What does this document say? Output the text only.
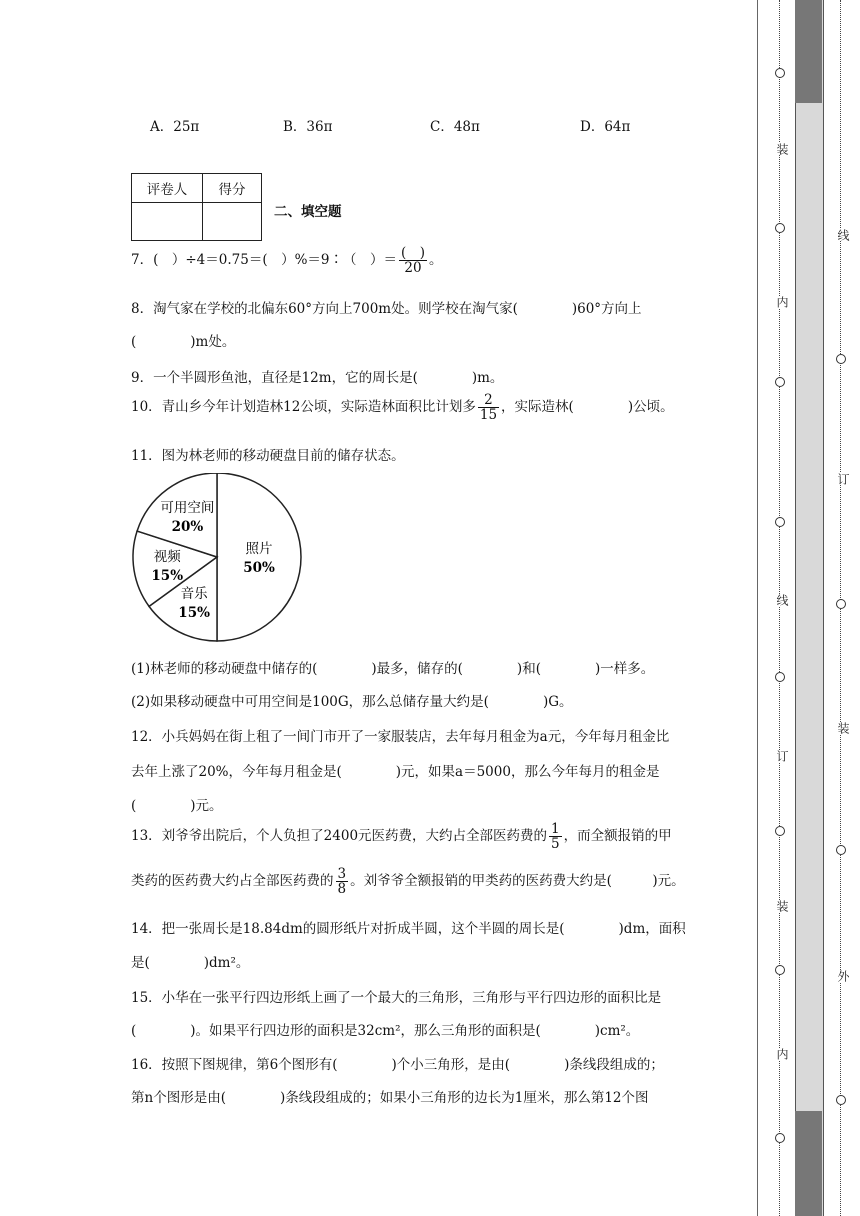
A．25π	B．36π	C．48π	D．64π
评卷人	得分

二、填空题
7．(　）÷4＝0.75＝(　）%＝9∶（　）＝ $\frac{( )}{20}$ 。
8．淘气家在学校的北偏东60°方向上700m处。则学校在淘气家(　　　　)60°方向上
(　　　　)m处。
9．一个半圆形鱼池，直径是12m，它的周长是(　　　　)m。
10．青山乡今年计划造林12公顷，实际造林面积比计划多 $\frac{2}{15}$ ，实际造林(　　　　)公顷。
11．图为林老师的移动硬盘目前的储存状态。
照片
50%
音乐
15%
视频
15%
可用空间
20%
(1)林老师的移动硬盘中储存的(　　　　)最多，储存的(　　　　)和(　　　　)一样多。
(2)如果移动硬盘中可用空间是100G，那么总储存量大约是(　　　　)G。
12．小兵妈妈在街上租了一间门市开了一家服装店，去年每月租金为a元，今年每月租金比
去年上涨了20%，今年每月租金是(　　　　)元，如果a＝5000，那么今年每月的租金是
(　　　　)元。
13．刘爷爷出院后，个人负担了2400元医药费，大约占全部医药费的 $\frac{1}{5}$ ，而全额报销的甲
类药的医药费大约占全部医药费的 $\frac{3}{8}$ 。刘爷爷全额报销的甲类药的医药费大约是(　　　)元。
14．把一张周长是18.84dm的圆形纸片对折成半圆，这个半圆的周长是(　　　　)dm，面积
是(　　　　)dm²。
15．小华在一张平行四边形纸上画了一个最大的三角形，三角形与平行四边形的面积比是
(　　　　)。如果平行四边形的面积是32cm²，那么三角形的面积是(　　　　)cm²。
16．按照下图规律，第6个图形有(　　　　)个小三角形，是由(　　　　)条线段组成的；
第n个图形是由(　　　　)条线段组成的；如果小三角形的边长为1厘米，那么第12个图
装
内
订
线
装
内
线
订
装
外
